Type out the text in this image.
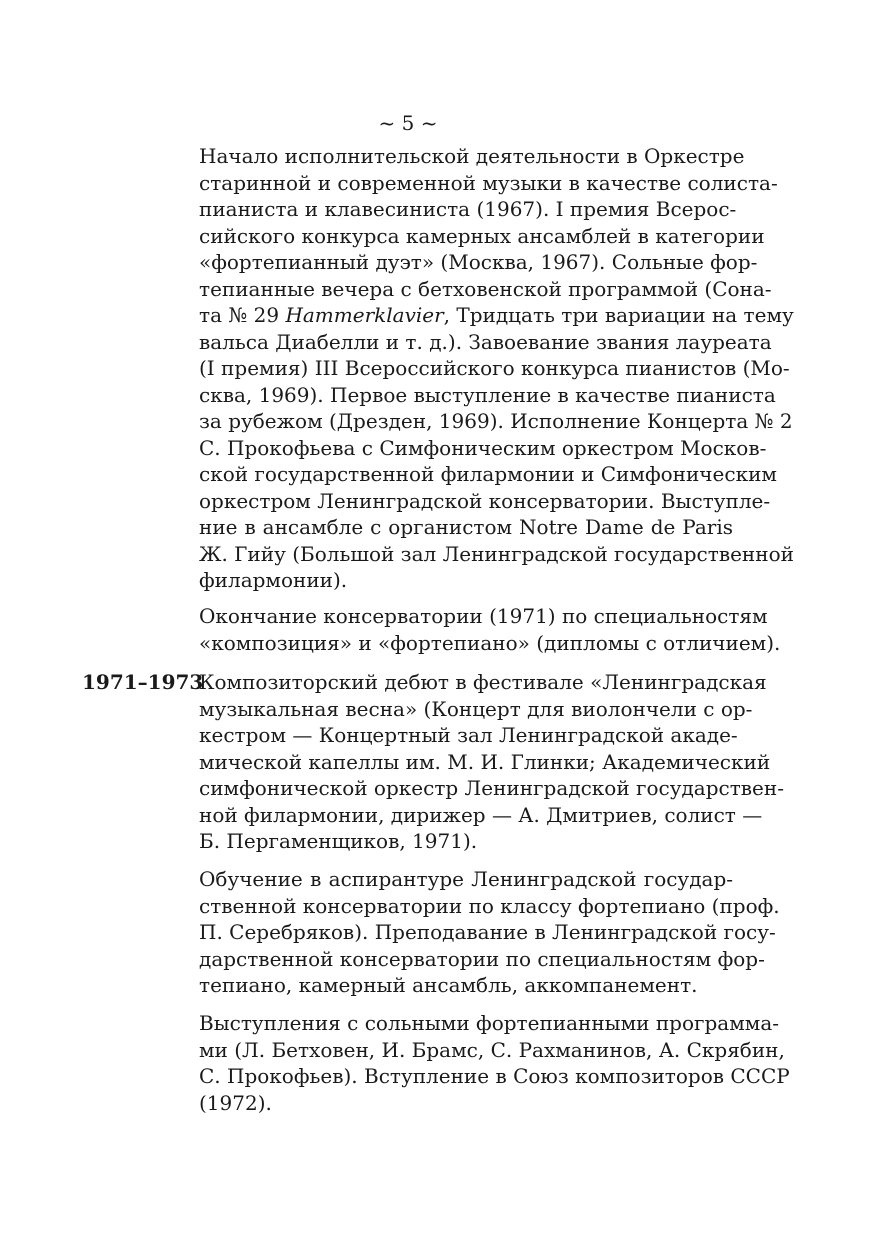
~ 5 ~
Начало исполнительской деятельности в Оркестре
старинной и современной музыки в качестве солиста-
пианиста и клавесиниста (1967). I премия Всерос-
сийского конкурса камерных ансамблей в категории
«фортепианный дуэт» (Москва, 1967). Сольные фор-
тепианные вечера с бетховенской программой (Сона-
та № 29 Hammerklavier, Тридцать три вариации на тему
вальса Диабелли и т. д.). Завоевание звания лауреата
(I премия) III Всероссийского конкурса пианистов (Мо-
сква, 1969). Первое выступление в качестве пианиста
за рубежом (Дрезден, 1969). Исполнение Концерта № 2
С. Прокофьева с Симфоническим оркестром Москов-
ской государственной филармонии и Симфоническим
оркестром Ленинградской консерватории. Выступле-
ние в ансамбле с органистом Notre Dame de Paris
Ж. Гийу (Большой зал Ленинградской государственной
филармонии).
Окончание консерватории (1971) по специальностям
«композиция» и «фортепиано» (дипломы с отличием).
1971–1973
Композиторский дебют в фестивале «Ленинградская
музыкальная весна» (Концерт для виолончели с ор-
кестром — Концертный зал Ленинградской акаде-
мической капеллы им. М. И. Глинки; Академический
симфонической оркестр Ленинградской государствен-
ной филармонии, дирижер — А. Дмитриев, солист —
Б. Пергаменщиков, 1971).
Обучение в аспирантуре Ленинградской государ-
ственной консерватории по классу фортепиано (проф.
П. Серебряков). Преподавание в Ленинградской госу-
дарственной консерватории по специальностям фор-
тепиано, камерный ансамбль, аккомпанемент.
Выступления с сольными фортепианными программа-
ми (Л. Бетховен, И. Брамс, С. Рахманинов, А. Скрябин,
С. Прокофьев). Вступление в Союз композиторов СССР
(1972).
